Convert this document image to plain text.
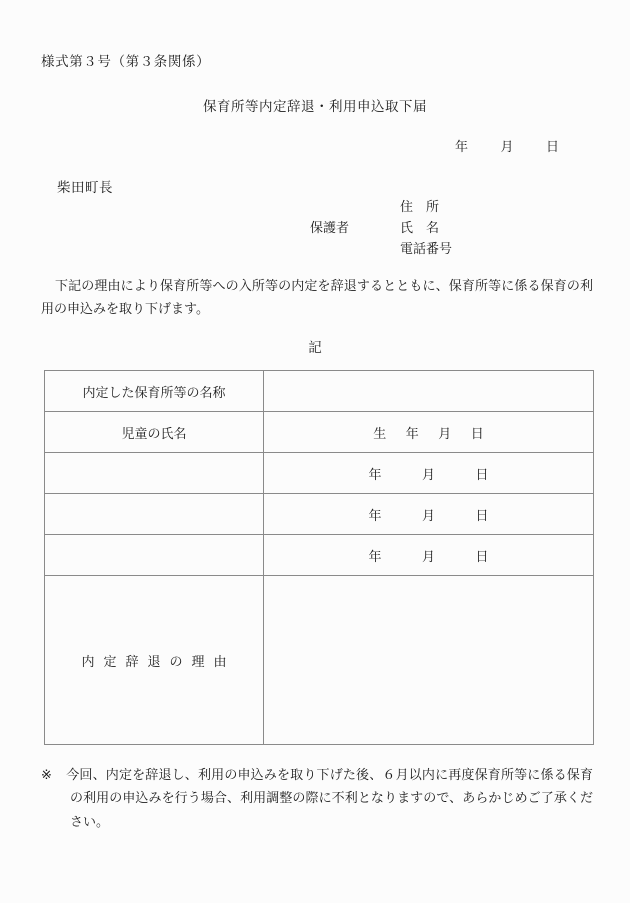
様式第３号（第３条関係）
保育所等内定辞退・利用申込取下届
年	月	日
柴田町長
住　所
保護者	氏　名
電話番号
下記の理由により保育所等への入所等の内定を辞退するとともに、保育所等に係る保育の利用の申込みを取り下げます。
記
内定した保育所等の名称	

児童の氏名	生 年 月 日

	年 月 日

	年 月 日

	年 月 日

内定辞退の理由	

※ 今回、内定を辞退し、利用の申込みを取り下げた後、６月以内に再度保育所等に係る保育の利用の申込みを行う場合、利用調整の際に不利となりますので、あらかじめご了承ください。
